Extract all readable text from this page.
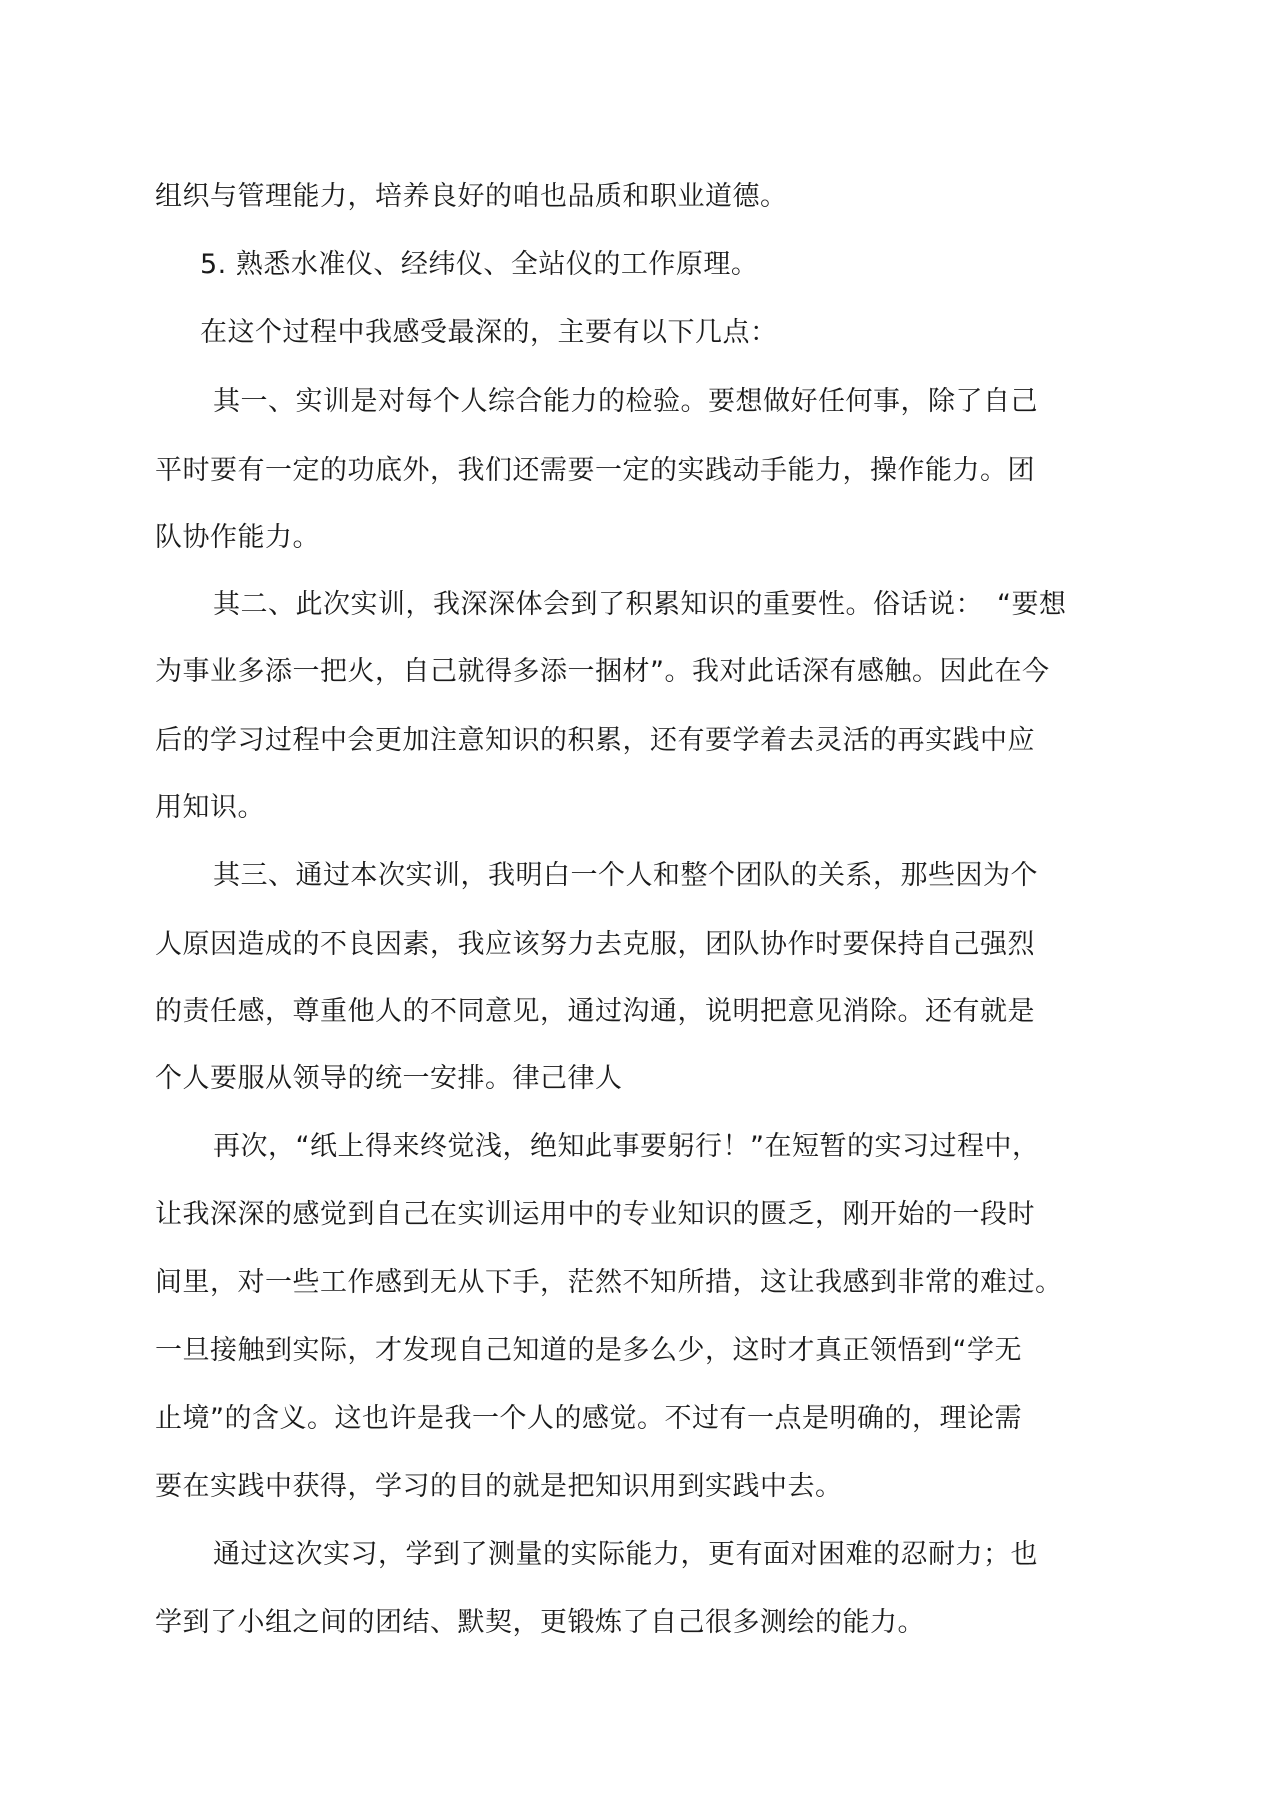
组织与管理能力，培养良好的咱也品质和职业道德。
5. 熟悉水准仪、经纬仪、全站仪的工作原理。
在这个过程中我感受最深的，主要有以下几点：
其一、实训是对每个人综合能力的检验。要想做好任何事，除了自己
平时要有一定的功底外，我们还需要一定的实践动手能力，操作能力。团
队协作能力。
其二、此次实训，我深深体会到了积累知识的重要性。俗话说：　“要想
为事业多添一把火，自己就得多添一捆材”。我对此话深有感触。因此在今
后的学习过程中会更加注意知识的积累，还有要学着去灵活的再实践中应
用知识。
其三、通过本次实训，我明白一个人和整个团队的关系，那些因为个
人原因造成的不良因素，我应该努力去克服，团队协作时要保持自己强烈
的责任感，尊重他人的不同意见，通过沟通，说明把意见消除。还有就是
个人要服从领导的统一安排。律己律人
再次，“纸上得来终觉浅，绝知此事要躬行！”在短暂的实习过程中，
让我深深的感觉到自己在实训运用中的专业知识的匮乏，刚开始的一段时
间里，对一些工作感到无从下手，茫然不知所措，这让我感到非常的难过。
一旦接触到实际，才发现自己知道的是多么少，这时才真正领悟到“学无
止境”的含义。这也许是我一个人的感觉。不过有一点是明确的，理论需
要在实践中获得，学习的目的就是把知识用到实践中去。
通过这次实习，学到了测量的实际能力，更有面对困难的忍耐力；也
学到了小组之间的团结、默契，更锻炼了自己很多测绘的能力。
